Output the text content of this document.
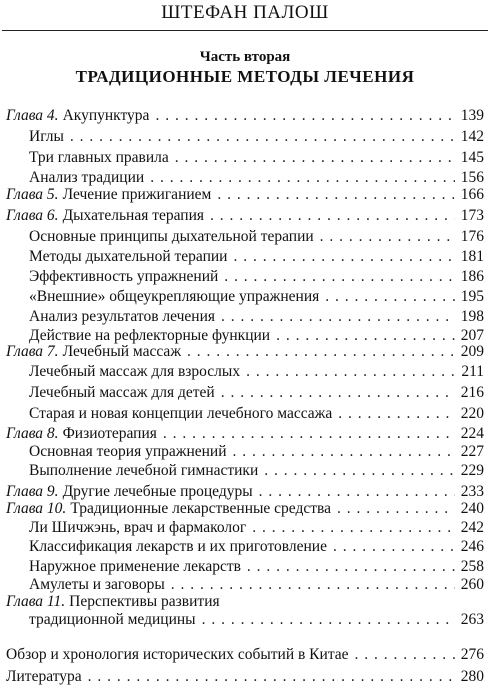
ШТЕФАН ПАЛОШ
Часть вторая
ТРАДИЦИОННЫЕ МЕТОДЫ ЛЕЧЕНИЯ
Глава 4. Акупунктура . . .	139
Иглы . . .	142
Три главных правила . . .	145
Анализ традиции . . .	156
Глава 5. Лечение прижиганием . . .	166
Глава 6. Дыхательная терапия . . .	173
Основные принципы дыхательной терапии . . .	176
Методы дыхательной терапии . . .	181
Эффективность упражнений . . .	186
«Внешние» общеукрепляющие упражнения . . .	195
Анализ результатов лечения . . .	198
Действие на рефлекторные функции . . .	207
Глава 7. Лечебный массаж . . .	209
Лечебный массаж для взрослых . . .	211
Лечебный массаж для детей . . .	216
Старая и новая концепции лечебного массажа . . .	220
Глава 8. Физиотерапия . . .	224
Основная теория упражнений . . .	227
Выполнение лечебной гимнастики . . .	229
Глава 9. Другие лечебные процедуры . . .	233
Глава 10. Традиционные лекарственные средства . . .	240
Ли Шичжэнь, врач и фармаколог . . .	242
Классификация лекарств и их приготовление . . .	246
Наружное применение лекарств . . .	258
Амулеты и заговоры . . .	260
Глава 11. Перспективы развития
традиционной медицины . . .	263
Обзор и хронология исторических событий в Китае . . .	276
Литература . . .	280
